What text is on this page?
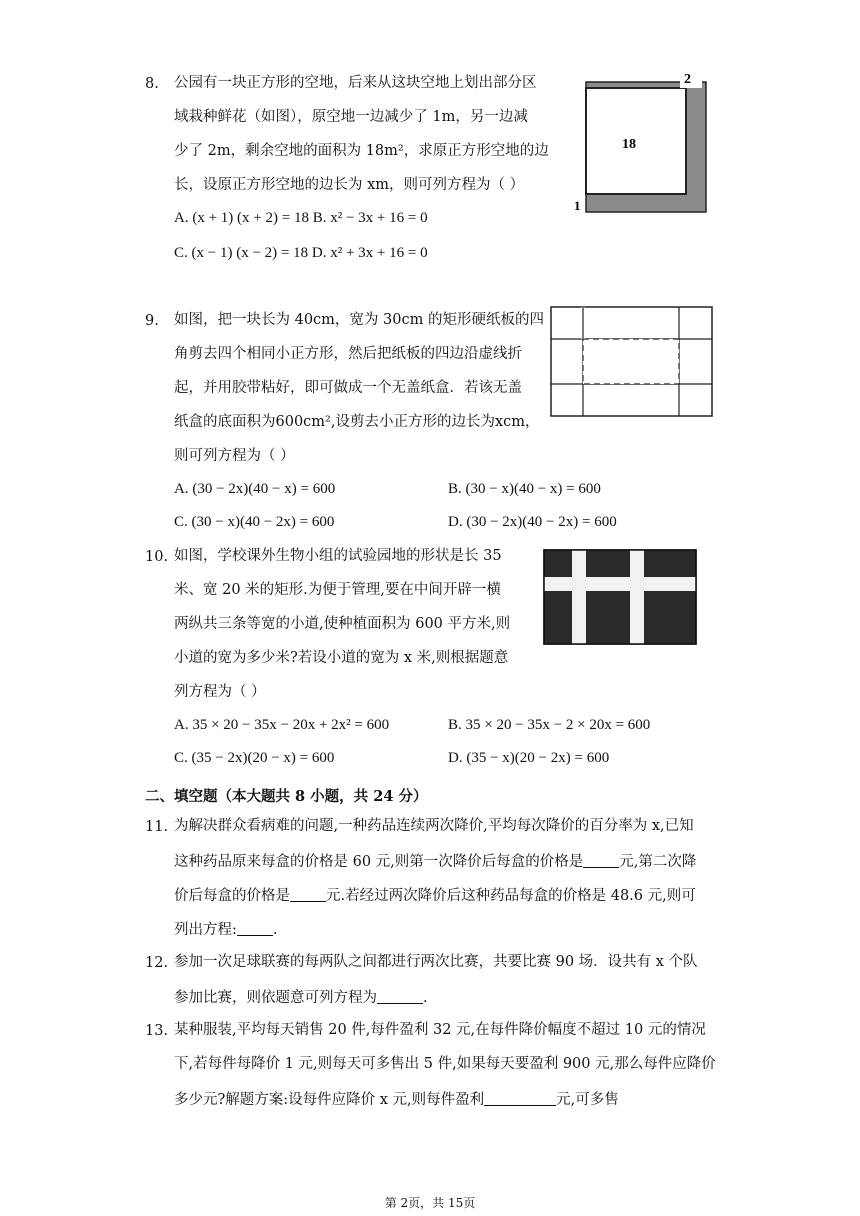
8. 公园有一块正方形的空地，后来从这块空地上划出部分区
域栽种鲜花（如图），原空地一边减少了 1m，另一边减
少了 2m，剩余空地的面积为 18m²，求原正方形空地的边
长，设原正方形空地的边长为 xm，则可列方程为（ ）
A. (x + 1) (x + 2) = 18 B. x² − 3x + 16 = 0
C. (x − 1) (x − 2) = 18 D. x² + 3x + 16 = 0
2
18
1
9. 如图，把一块长为 40cm，宽为 30cm 的矩形硬纸板的四
角剪去四个相同小正方形，然后把纸板的四边沿虚线折
起，并用胶带粘好，即可做成一个无盖纸盒．若该无盖
纸盒的底面积为600cm²,设剪去小正方形的边长为xcm，
则可列方程为（ ）
A. (30 − 2x)(40 − x) = 600	B. (30 − x)(40 − x) = 600
C. (30 − x)(40 − 2x) = 600	D. (30 − 2x)(40 − 2x) = 600
10. 如图，学校课外生物小组的试验园地的形状是长 35
米、宽 20 米的矩形.为便于管理,要在中间开辟一横
两纵共三条等宽的小道,使种植面积为 600 平方米,则
小道的宽为多少米?若设小道的宽为 x 米,则根据题意
列方程为（ ）
A. 35 × 20 − 35x − 20x + 2x² = 600	B. 35 × 20 − 35x − 2 × 20x = 600
C. (35 − 2x)(20 − x) = 600	D. (35 − x)(20 − 2x) = 600
二、填空题（本大题共 8 小题，共 24 分）
11. 为解决群众看病难的问题,一种药品连续两次降价,平均每次降价的百分率为 x,已知
这种药品原来每盒的价格是 60 元,则第一次降价后每盒的价格是 元,第二次降
价后每盒的价格是 元.若经过两次降价后这种药品每盒的价格是 48.6 元,则可
列出方程: .
12. 参加一次足球联赛的每两队之间都进行两次比赛，共要比赛 90 场．设共有 x 个队
参加比赛，则依题意可列方程为	.
13. 某种服装,平均每天销售 20 件,每件盈利 32 元,在每件降价幅度不超过 10 元的情况
下,若每件每降价 1 元,则每天可多售出 5 件,如果每天要盈利 900 元,那么每件应降价
多少元?解题方案:设每件应降价 x 元,则每件盈利	元,可多售
第 2页，共 15页
